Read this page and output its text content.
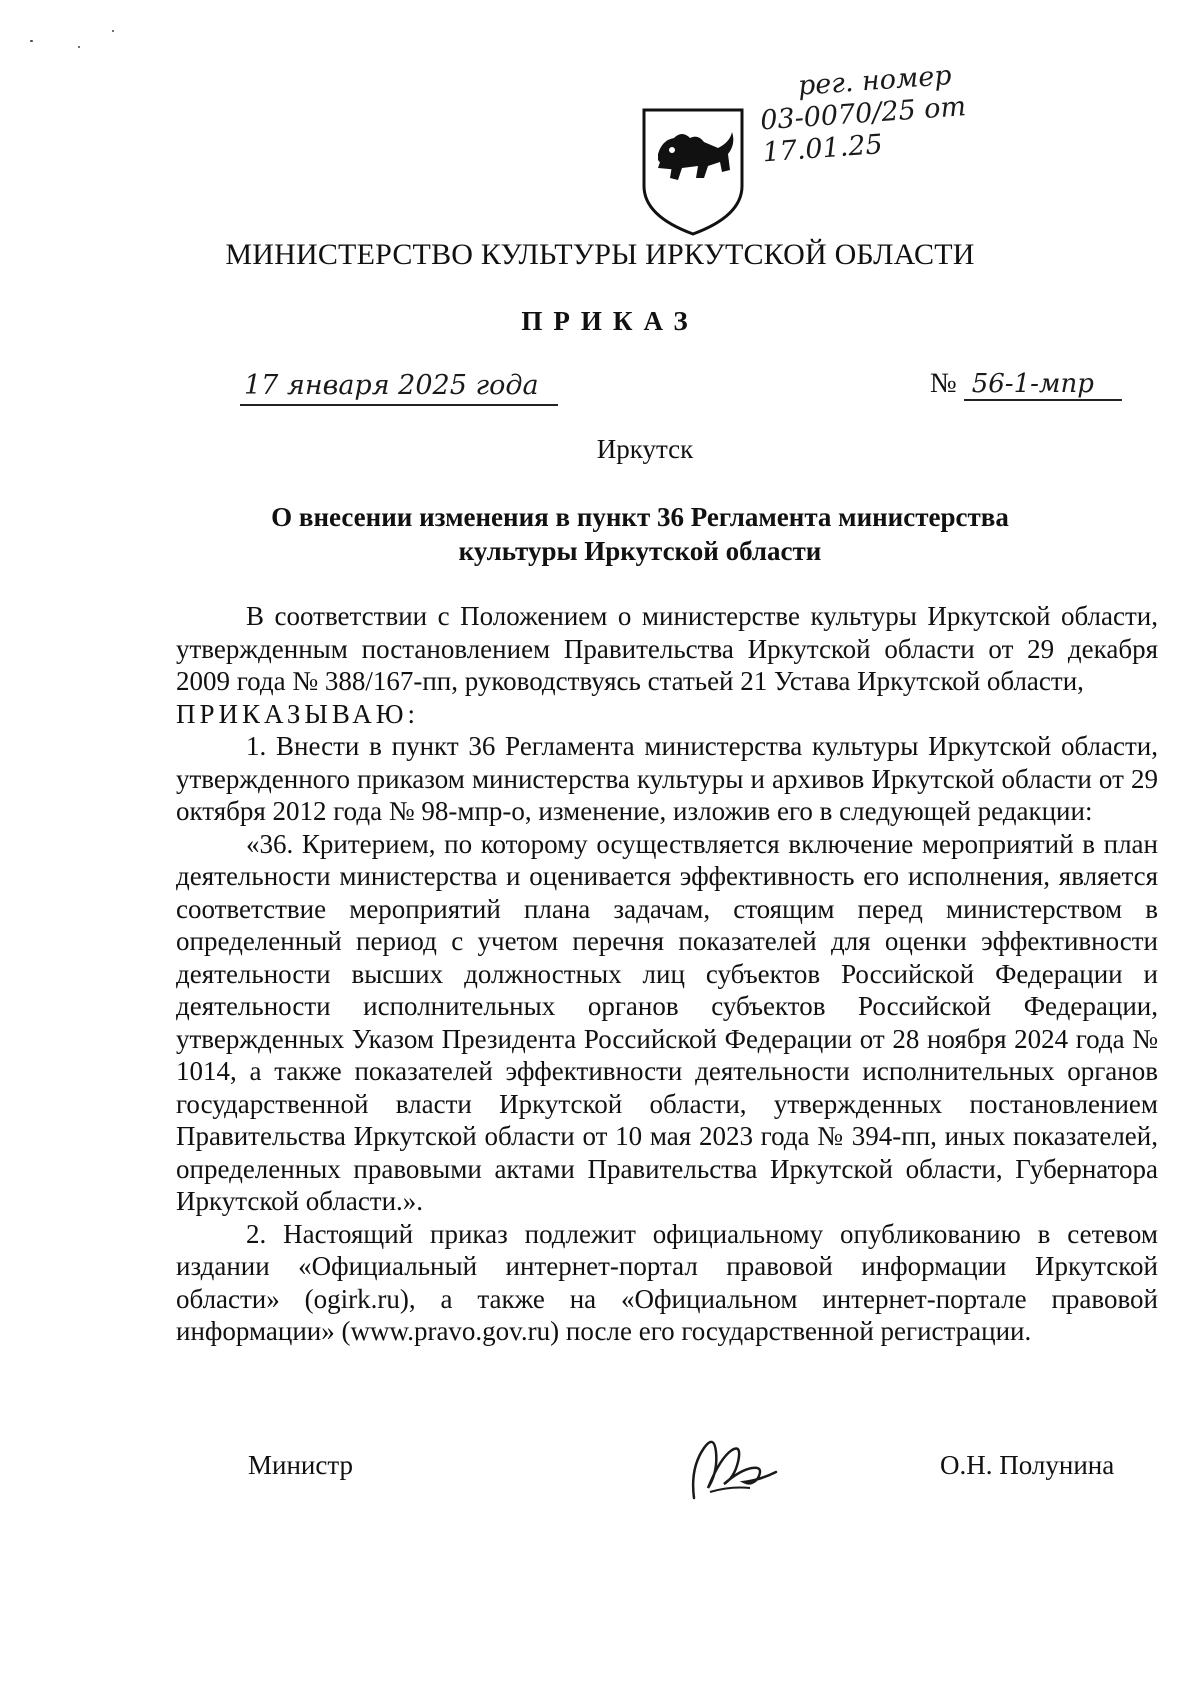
рег. номер
03-0070/25 от 17.01.25
МИНИСТЕРСТВО КУЛЬТУРЫ ИРКУТСКОЙ ОБЛАСТИ
ПРИКАЗ
17 января 2025 года	№ 56-1-мпр
Иркутск
О внесении изменения в пункт 36 Регламента министерства
культуры Иркутской области

В соответствии с Положением о министерстве культуры Иркутской области, утвержденным постановлением Правительства Иркутской области от 29 декабря 2009 года № 388/167-пп, руководствуясь статьей 21 Устава Иркутской области,

ПРИКАЗЫВАЮ:

1. Внести в пункт 36 Регламента министерства культуры Иркутской области, утвержденного приказом министерства культуры и архивов Иркутской области от 29 октября 2012 года № 98-мпр-о, изменение, изложив его в следующей редакции:

«36. Критерием, по которому осуществляется включение мероприятий в план деятельности министерства и оценивается эффективность его исполнения, является соответствие мероприятий плана задачам, стоящим перед министерством в определенный период с учетом перечня показателей для оценки эффективности деятельности высших должностных лиц субъектов Российской Федерации и деятельности исполнительных органов субъектов Российской Федерации, утвержденных Указом Президента Российской Федерации от 28 ноября 2024 года № 1014, а также показателей эффективности деятельности исполнительных органов государственной власти Иркутской области, утвержденных постановлением Правительства Иркутской области от 10 мая 2023 года № 394-пп, иных показателей, определенных правовыми актами Правительства Иркутской области, Губернатора Иркутской области.».

2. Настоящий приказ подлежит официальному опубликованию в сетевом издании «Официальный интернет-портал правовой информации Иркутской области» (ogirk.ru), а также на «Официальном интернет-портале правовой информации» (www.pravo.gov.ru) после его государственной регистрации.

Министр	О.Н. Полунина
